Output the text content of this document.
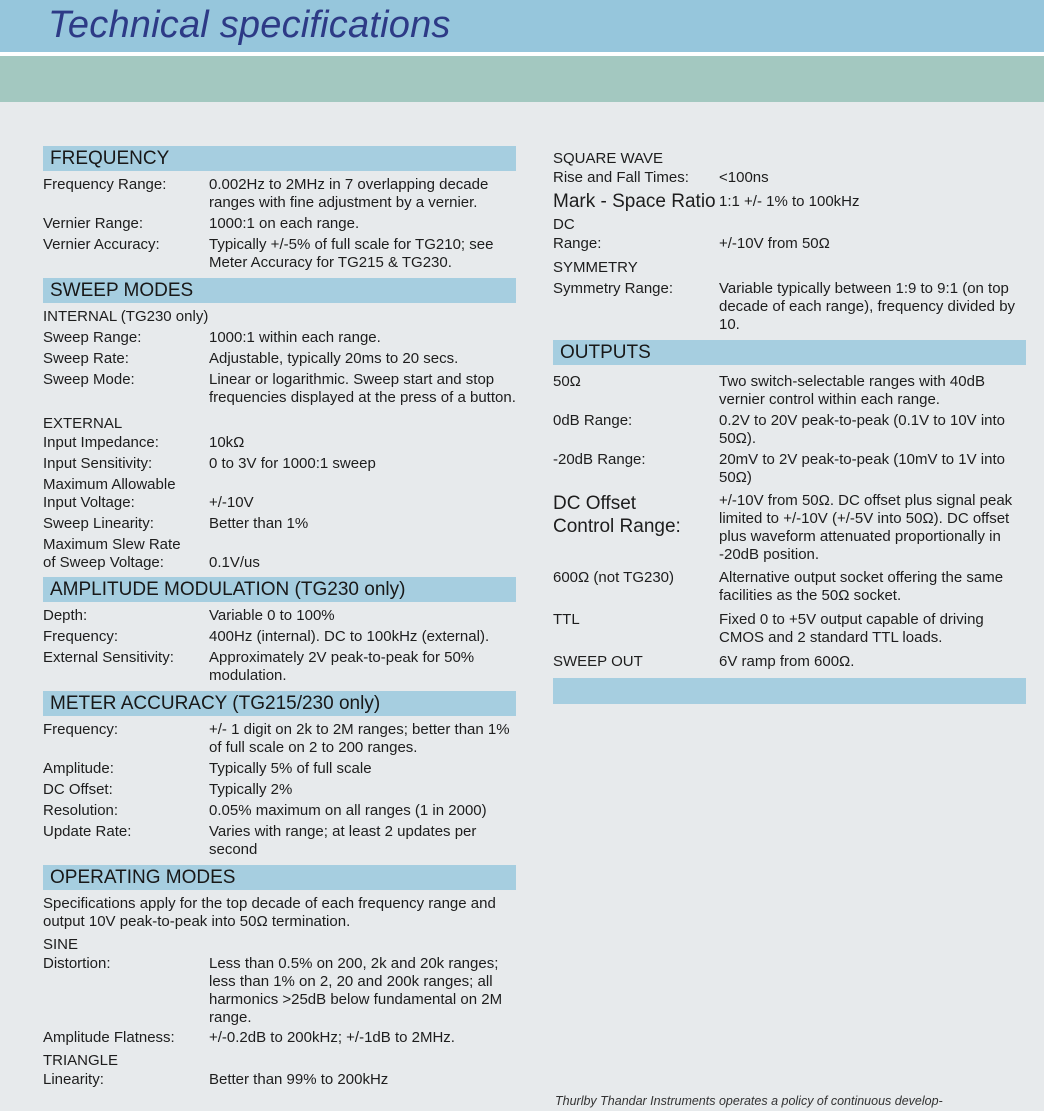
Technical specifications
FREQUENCY
Frequency Range:	0.002Hz to 2MHz in 7 overlapping decade ranges with fine adjustment by a vernier.
Vernier Range:	1000:1 on each range.
Vernier Accuracy:	Typically +/-5% of full scale for TG210; see Meter Accuracy for TG215 & TG230.
SWEEP MODES
INTERNAL (TG230 only)
Sweep Range:	1000:1 within each range.
Sweep Rate:	Adjustable, typically 20ms to 20 secs.
Sweep Mode:	Linear or logarithmic. Sweep start and stop frequencies displayed at the press of a button.
EXTERNAL
Input Impedance:	10kΩ
Input Sensitivity:	0 to 3V for 1000:1 sweep
Maximum Allowable
Input Voltage:	+/-10V
Sweep Linearity:	Better than 1%
Maximum Slew Rate
of Sweep Voltage:	0.1V/us
AMPLITUDE MODULATION (TG230 only)
Depth:	Variable 0 to 100%
Frequency:	400Hz (internal). DC to 100kHz (external).
External Sensitivity:	Approximately 2V peak-to-peak for 50% modulation.
METER ACCURACY (TG215/230 only)
Frequency:	+/- 1 digit on 2k to 2M ranges; better than 1% of full scale on 2 to 200 ranges.
Amplitude:	Typically 5% of full scale
DC Offset:	Typically 2%
Resolution:	0.05% maximum on all ranges (1 in 2000)
Update Rate:	Varies with range; at least 2 updates per second
OPERATING MODES
Specifications apply for the top decade of each frequency range and output 10V peak-to-peak into 50Ω termination.
SINE
Distortion:	Less than 0.5% on 200, 2k and 20k ranges; less than 1% on 2, 20 and 200k ranges; all harmonics >25dB below fundamental on 2M range.
Amplitude Flatness:	+/-0.2dB to 200kHz; +/-1dB to 2MHz.
TRIANGLE
Linearity:	Better than 99% to 200kHz
SQUARE WAVE
Rise and Fall Times:	<100ns
Mark - Space Ratio 1:1 +/- 1% to 100kHz
DC
Range:	+/-10V from 50Ω
SYMMETRY
Symmetry Range:	Variable typically between 1:9 to 9:1 (on top decade of each range), frequency divided by 10.
OUTPUTS
50Ω	Two switch-selectable ranges with 40dB vernier control within each range.
0dB Range:	0.2V to 20V peak-to-peak (0.1V to 10V into 50Ω).
-20dB Range:	20mV to 2V peak-to-peak (10mV to 1V into 50Ω)
DC Offset
Control Range:
+/-10V from 50Ω. DC offset plus signal peak limited to +/-10V (+/-5V into 50Ω). DC offset plus waveform attenuated proportionally in -20dB position.
600Ω (not TG230)	Alternative output socket offering the same facilities as the 50Ω socket.
TTL	Fixed 0 to +5V output capable of driving CMOS and 2 standard TTL loads.
SWEEP OUT	6V ramp from 600Ω.
Thurlby Thandar Instruments operates a policy of continuous develop-
